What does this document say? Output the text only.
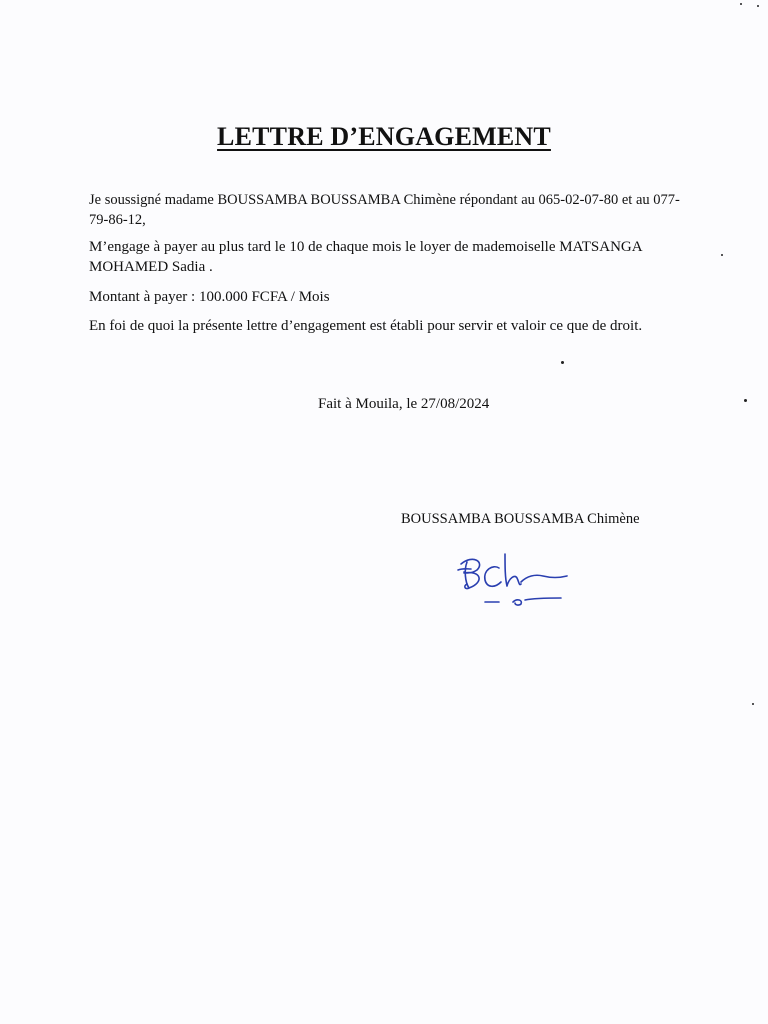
LETTRE D’ENGAGEMENT

Je soussigné madame BOUSSAMBA BOUSSAMBA Chimène répondant au 065-02-07-80 et au 077-79-86-12,

M’engage à payer au plus tard le 10 de chaque mois le loyer de mademoiselle MATSANGA MOHAMED Sadia .

Montant à payer : 100.000 FCFA / Mois

En foi de quoi la présente lettre d’engagement est établi pour servir et valoir ce que de droit.

Fait à Mouila, le 27/08/2024
BOUSSAMBA BOUSSAMBA Chimène
